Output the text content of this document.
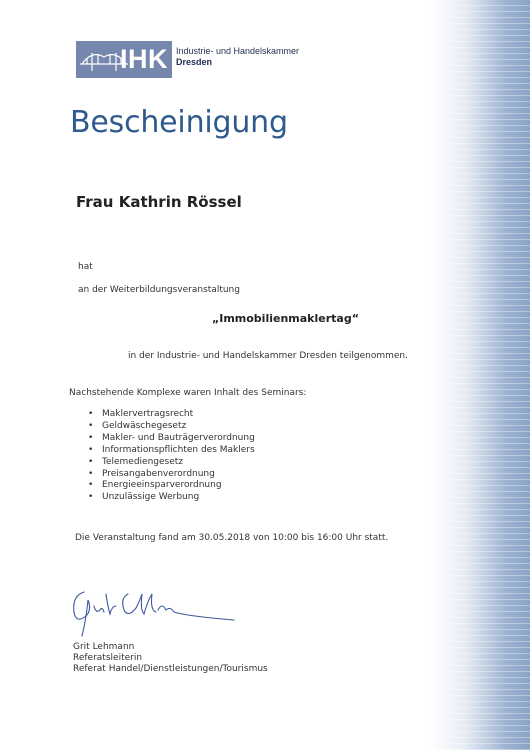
IHK Industrie- und Handelskammer
Dresden
Bescheinigung
Frau Kathrin Rössel
hat
an der Weiterbildungsveranstaltung
„Immobilienmaklertag“
in der Industrie- und Handelskammer Dresden teilgenommen.
Nachstehende Komplexe waren Inhalt des Seminars:
• Maklervertragsrecht
• Geldwäschegesetz
• Makler- und Bauträgerverordnung
• Informationspflichten des Maklers
• Telemediengesetz
• Preisangabenverordnung
• Energieeinsparverordnung
• Unzulässige Werbung
Die Veranstaltung fand am 30.05.2018 von 10:00 bis 16:00 Uhr statt.
Grit Lehmann
Referatsleiterin
Referat Handel/Dienstleistungen/Tourismus
